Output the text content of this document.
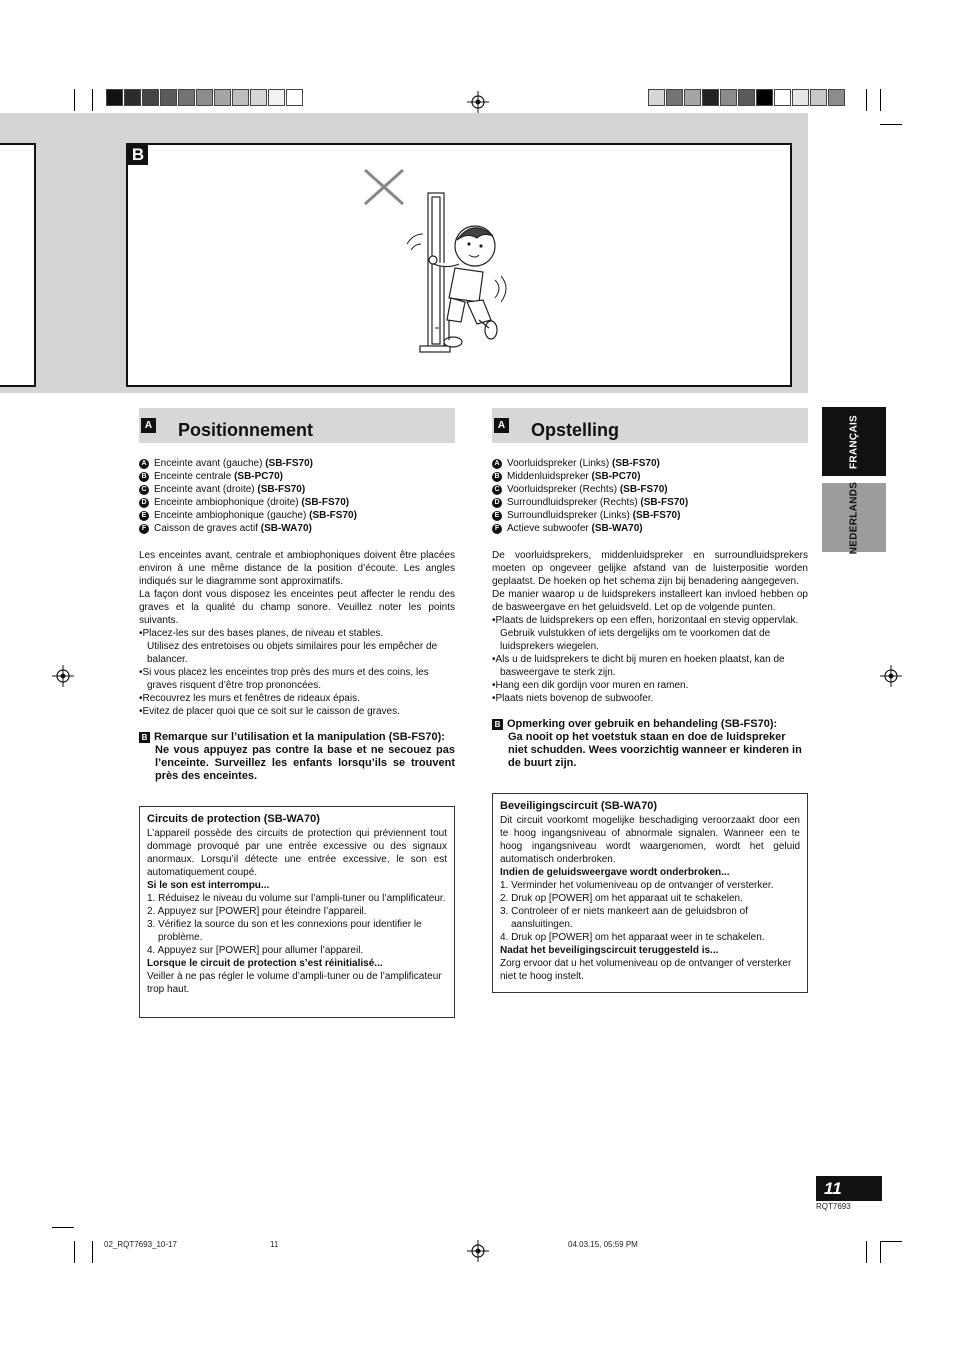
B
A Positionnement
A Enceinte avant (gauche)
(SB-FS70)
B Enceinte centrale
(SB-PC70)
C Enceinte avant (droite)
(SB-FS70)
D Enceinte ambiophonique (droite)
(SB-FS70)
E Enceinte ambiophonique (gauche)
(SB-FS70)
F Caisson de graves actif
(SB-WA70)

Les enceintes avant, centrale et ambiophoniques doivent être placées environ à une même distance de la position d’écoute. Les angles indiqués sur le diagramme sont approximatifs.

La façon dont vous disposez les enceintes peut affecter le rendu des graves et la qualité du champ sonore. Veuillez noter les points suivants.

•Placez-les sur des bases planes, de niveau et stables.
Utilisez des entretoises ou objets similaires pour les empêcher de balancer.
•Si vous placez les enceintes trop près des murs et des coins, les graves risquent d’être trop prononcées.
•Recouvrez les murs et fenêtres de rideaux épais.
•Evitez de placer quoi que ce soit sur le caisson de graves.
B Remarque sur l’utilisation et la manipulation (SB-FS70):
Ne vous appuyez pas contre la base et ne secouez pas l’enceinte. Surveillez les enfants lorsqu’ils se trouvent près des enceintes.

Circuits de protection (SB-WA70)

L’appareil possède des circuits de protection qui préviennent tout dommage provoqué par une entrée excessive ou des signaux anormaux. Lorsqu’il détecte une entrée excessive, le son est automatiquement coupé.

Si le son est interrompu...

1. Réduisez le niveau du volume sur l’ampli-tuner ou l’amplificateur.
2. Appuyez sur [POWER] pour éteindre l’appareil.
3. Vérifiez la source du son et les connexions pour identifier le problème.
4. Appuyez sur [POWER] pour allumer l’appareil.

Lorsque le circuit de protection s’est réinitialisé...

Veiller à ne pas régler le volume d’ampli-tuner ou de l’amplificateur trop haut.

A Opstelling
A Voorluidspreker (Links)
(SB-FS70)
B Middenluidspreker
(SB-PC70)
C Voorluidspreker (Rechts)
(SB-FS70)
D Surroundluidspreker (Rechts)
(SB-FS70)
E Surroundluidspreker (Links)
(SB-FS70)
F Actieve subwoofer
(SB-WA70)

De voorluidsprekers, middenluidspreker en surroundluidsprekers moeten op ongeveer gelijke afstand van de luisterpositie worden geplaatst. De hoeken op het schema zijn bij benadering aangegeven.

De manier waarop u de luidsprekers installeert kan invloed hebben op de basweergave en het geluidsveld. Let op de volgende punten.

•Plaats de luidsprekers op een effen, horizontaal en stevig oppervlak.
Gebruik vulstukken of iets dergelijks om te voorkomen dat de luidsprekers wiegelen.
•Als u de luidsprekers te dicht bij muren en hoeken plaatst, kan de basweergave te sterk zijn.
•Hang een dik gordijn voor muren en ramen.
•Plaats niets bovenop de subwoofer.
B Opmerking over gebruik en behandeling (SB-FS70):
Ga nooit op het voetstuk staan en doe de luidspreker niet schudden. Wees voorzichtig wanneer er kinderen in de buurt zijn.

Beveiligingscircuit (SB-WA70)

Dit circuit voorkomt mogelijke beschadiging veroorzaakt door een te hoog ingangsniveau of abnormale signalen. Wanneer een te hoog ingangsniveau wordt waargenomen, wordt het geluid automatisch onderbroken.

Indien de geluidsweergave wordt onderbroken...

1. Verminder het volumeniveau op de ontvanger of versterker.
2. Druk op [POWER] om het apparaat uit te schakelen.
3. Controleer of er niets mankeert aan de geluidsbron of aansluitingen.
4. Druk op [POWER] om het apparaat weer in te schakelen.

Nadat het beveiligingscircuit teruggesteld is...

Zorg ervoor dat u het volumeniveau op de ontvanger of versterker niet te hoog instelt.

FRANÇAIS
NEDERLANDS
11
RQT7693
02_RQT7693_10-17	11	04.03.15, 05:59 PM
